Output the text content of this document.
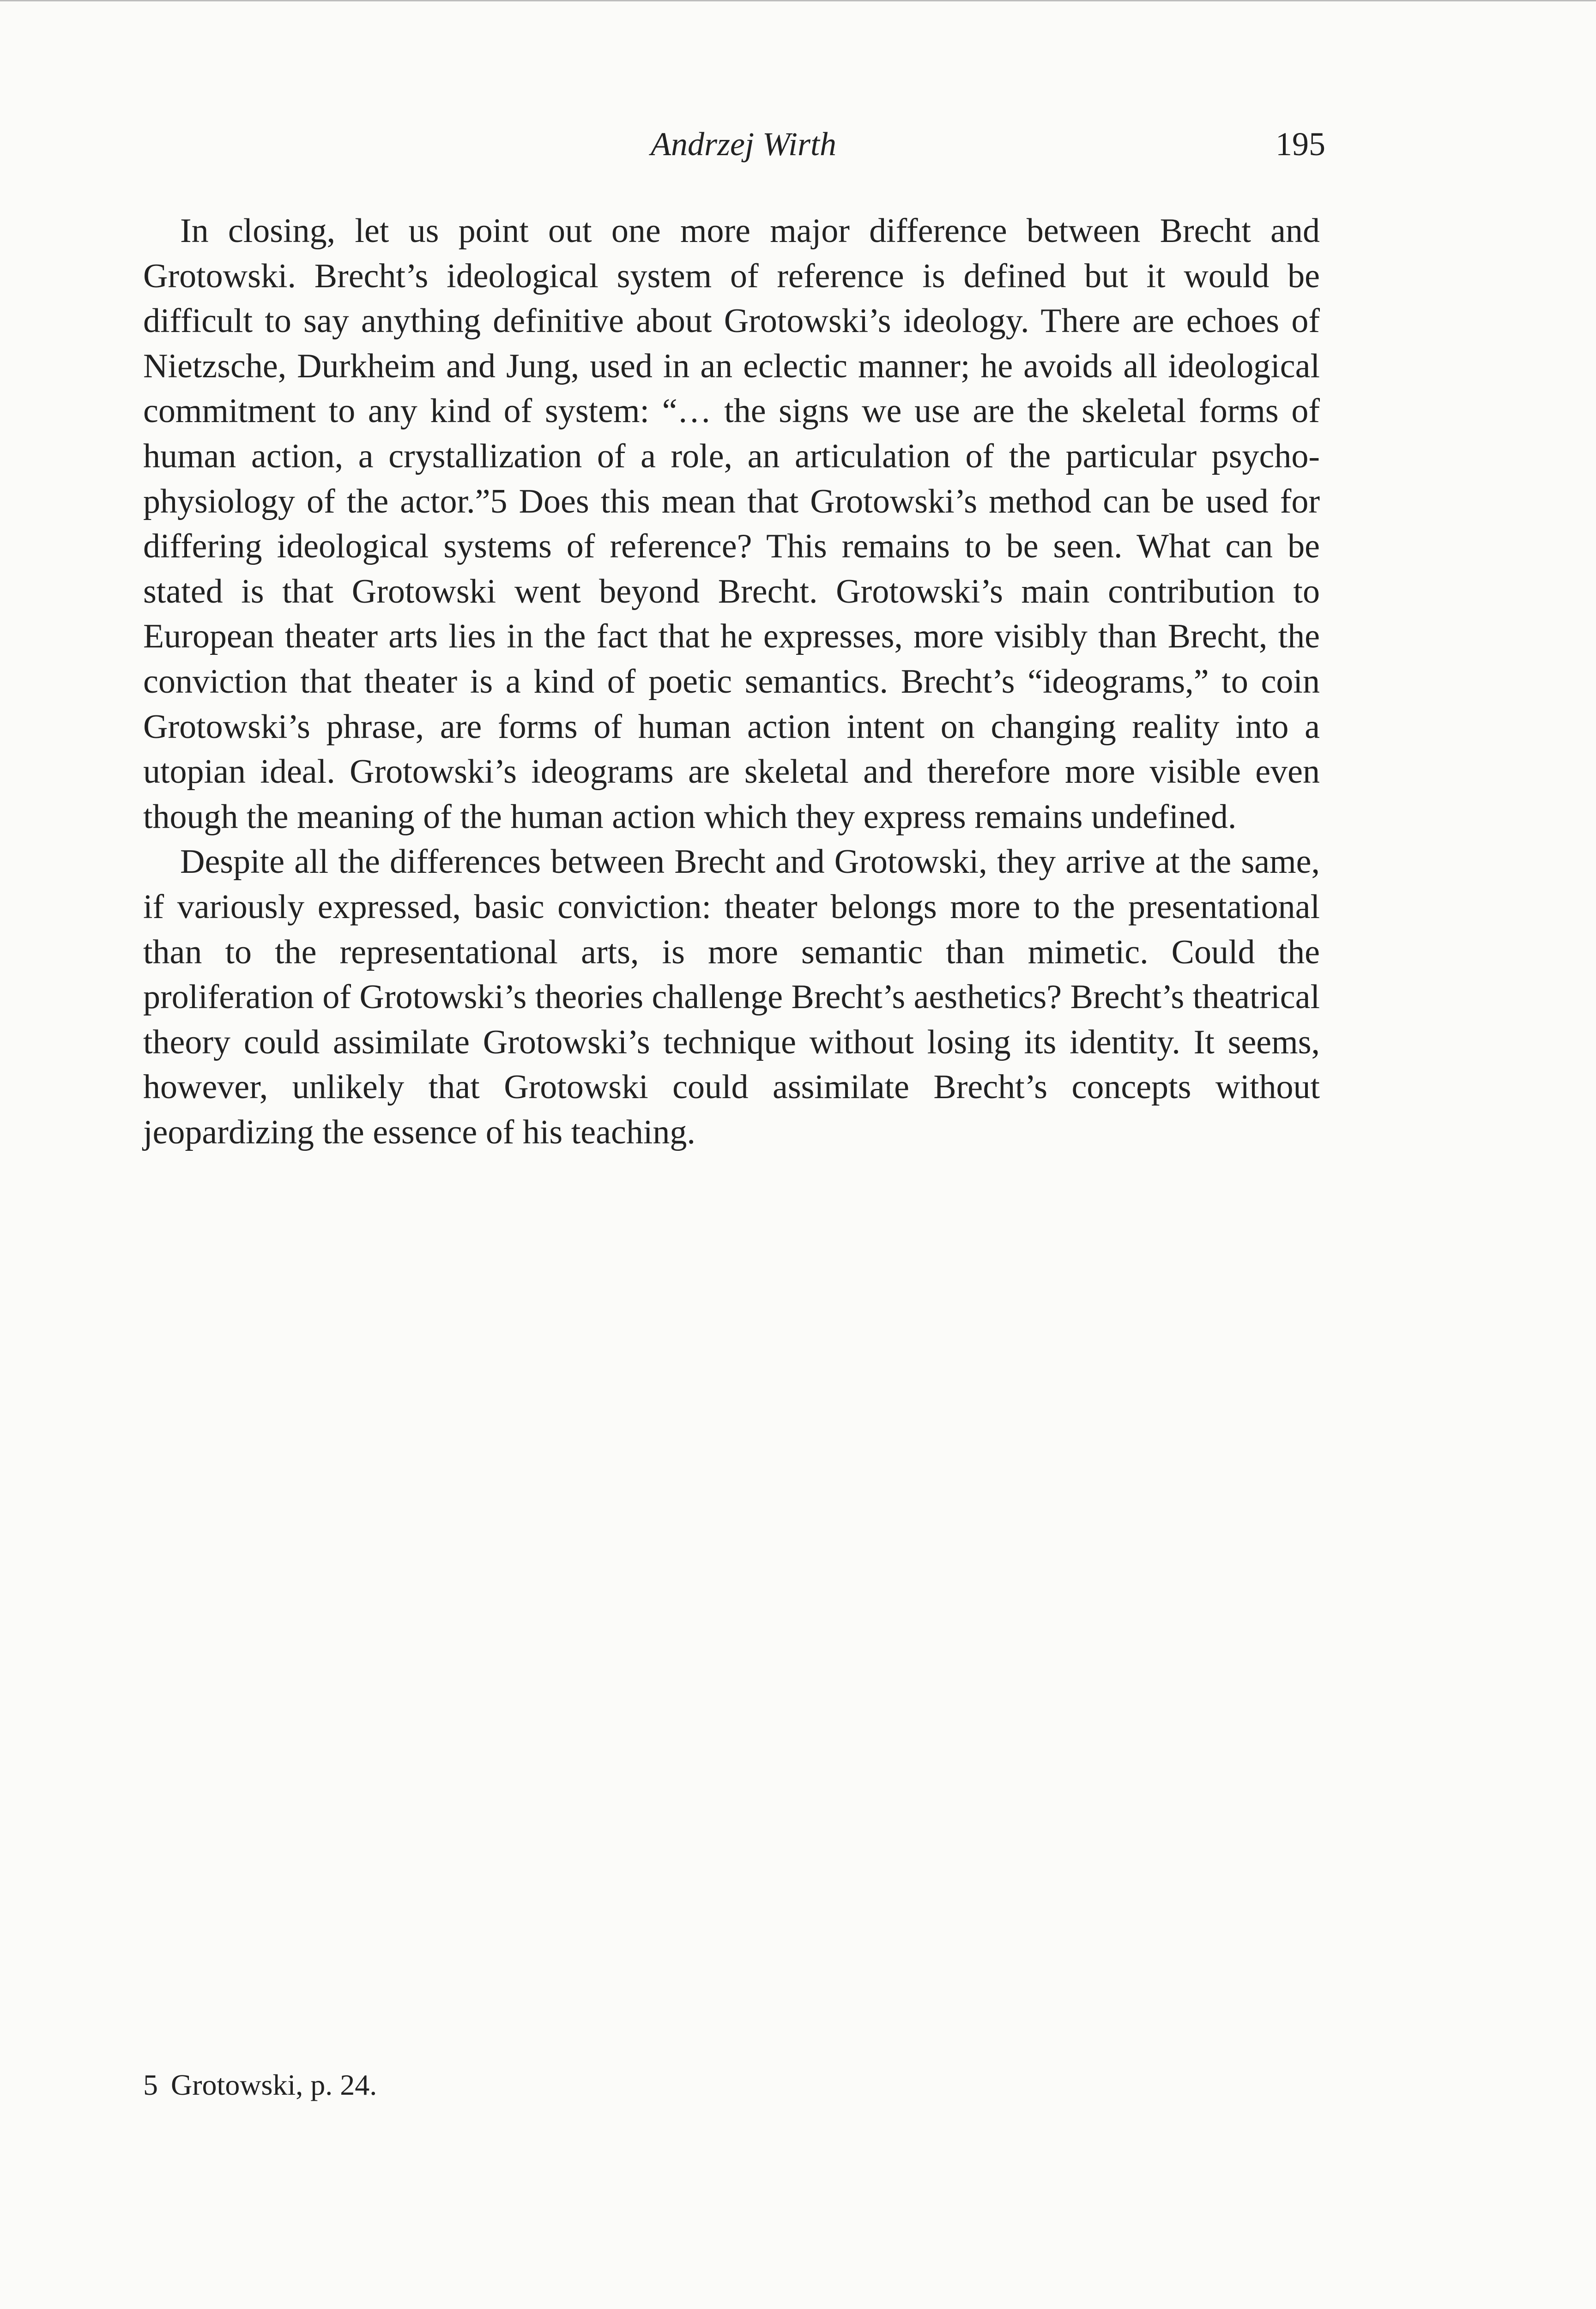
Andrzej Wirth	195

In closing, let us point out one more major difference between Brecht and Grotowski. Brecht’s ideological system of reference is defined but it would be difficult to say anything definitive about Grotowski’s ideology. There are echoes of Nietzsche, Durkheim and Jung, used in an eclectic manner; he avoids all ideological commitment to any kind of system: “… the signs we use are the skeletal forms of human action, a crystallization of a role, an articulation of the particular psycho-physiology of the actor.”5 Does this mean that Grotowski’s method can be used for differing ideological systems of reference? This remains to be seen. What can be stated is that Grotowski went beyond Brecht. Grotowski’s main contribution to European theater arts lies in the fact that he expresses, more visibly than Brecht, the conviction that theater is a kind of poetic semantics. Brecht’s “ideograms,” to coin Grotowski’s phrase, are forms of human action intent on changing reality into a utopian ideal. Grotowski’s ideograms are skeletal and therefore more visible even though the meaning of the human action which they express remains undefined.

Despite all the differences between Brecht and Grotowski, they arrive at the same, if variously expressed, basic conviction: theater belongs more to the presentational than to the representational arts, is more semantic than mimetic. Could the proliferation of Grotowski’s theories challenge Brecht’s aesthetics? Brecht’s theatrical theory could assimilate Grotowski’s technique without losing its identity. It seems, however, unlikely that Grotowski could assimilate Brecht’s concepts without jeopardizing the essence of his teaching.

5 Grotowski, p. 24.
